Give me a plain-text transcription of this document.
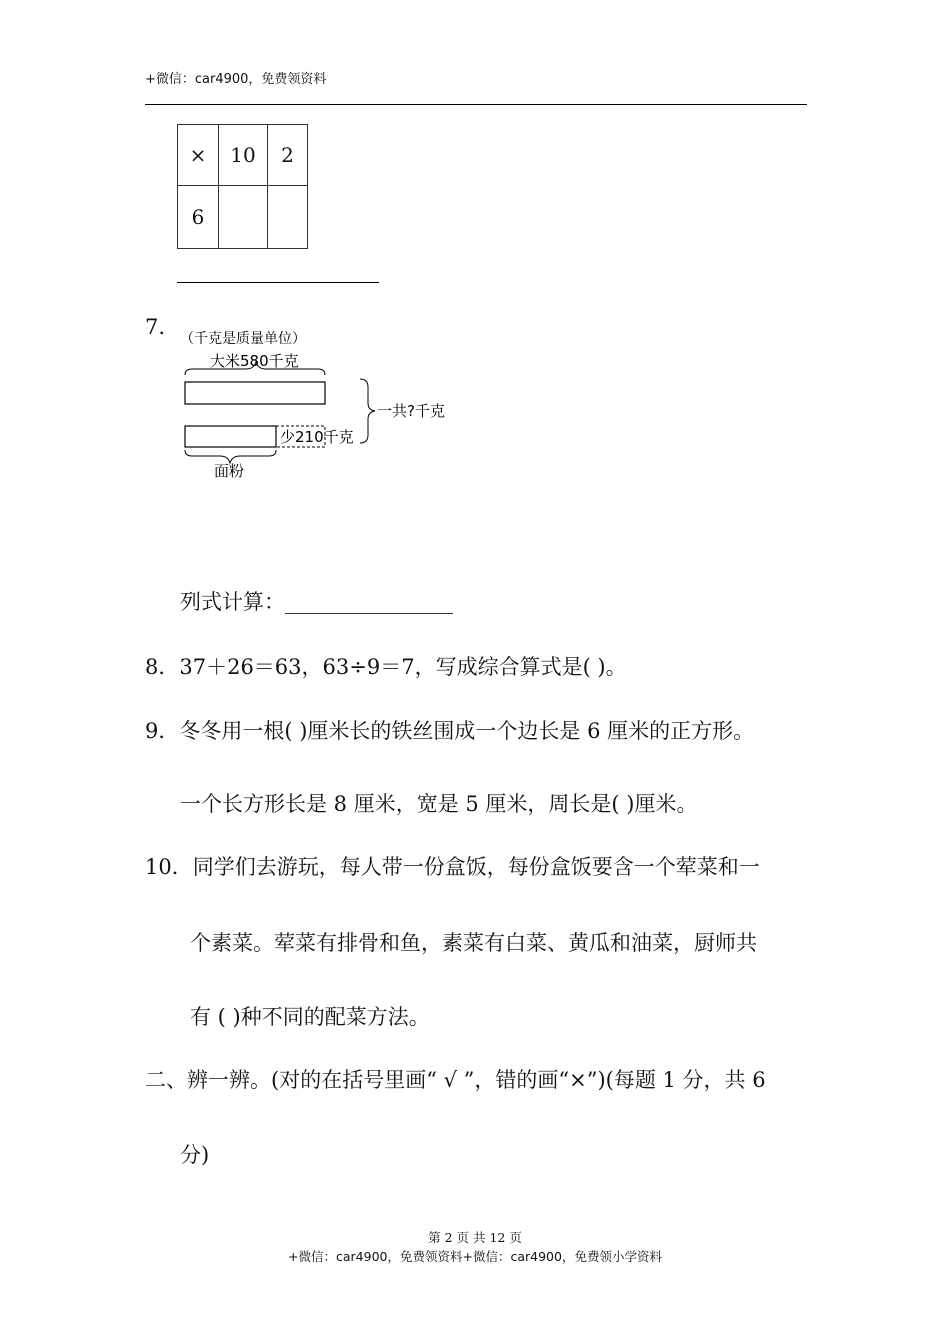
+微信：car4900，免费领资料
×	10	2
6		
7. （千克是质量单位）
大米580千克
少210千克
一共?千克
面粉
列式计算：________________
8．37＋26＝63，63÷9＝7，写成综合算式是( )。
9．冬冬用一根( )厘米长的铁丝围成一个边长是 6 厘米的正方形。
一个长方形长是 8 厘米，宽是 5 厘米，周长是( )厘米。
10．同学们去游玩，每人带一份盒饭，每份盒饭要含一个荤菜和一
个素菜。荤菜有排骨和鱼，素菜有白菜、黄瓜和油菜，厨师共
有 ( )种不同的配菜方法。
二、辨一辨。(对的在括号里画“ √ ”，错的画“×”)(每题 1 分，共 6
分)
第 2 页 共 12 页
+微信：car4900，免费领资料+微信：car4900，免费领小学资料
